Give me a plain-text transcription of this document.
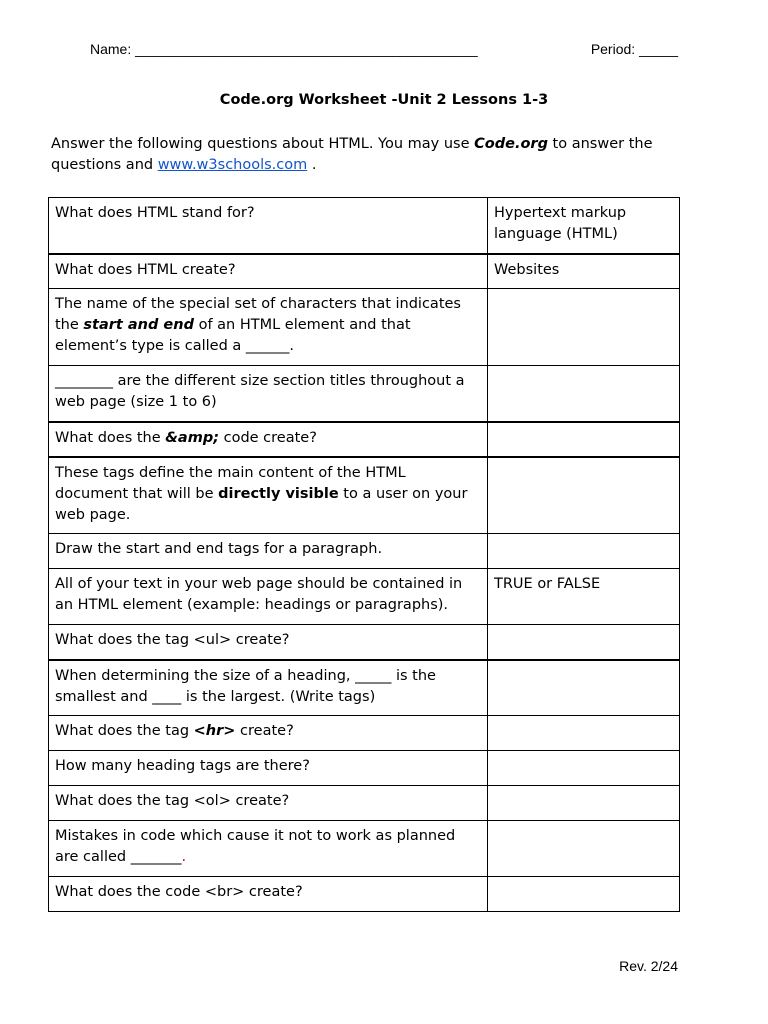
Name: ____________________________________________	Period: _____
Code.org Worksheet -Unit 2 Lessons 1-3
Answer the following questions about HTML. You may use Code.org to answer the questions and www.w3schools.com .
What does HTML stand for?	Hypertext markup language (HTML)
What does HTML create?	Websites
The name of the special set of characters that indicates the start and end of an HTML element and that element’s type is called a ______.	
________ are the different size section titles throughout a web page (size 1 to 6)	
What does the &amp; code create?	
These tags define the main content of the HTML document that will be directly visible to a user on your web page.	
Draw the start and end tags for a paragraph.	
All of your text in your web page should be contained in an HTML element (example: headings or paragraphs).	TRUE or FALSE
What does the tag <ul> create?	
When determining the size of a heading, _____ is the smallest and ____ is the largest. (Write tags)	
What does the tag <hr> create?	
How many heading tags are there?	
What does the tag <ol> create?	
Mistakes in code which cause it not to work as planned are called _______.	
What does the code <br> create?	
Rev. 2/24
